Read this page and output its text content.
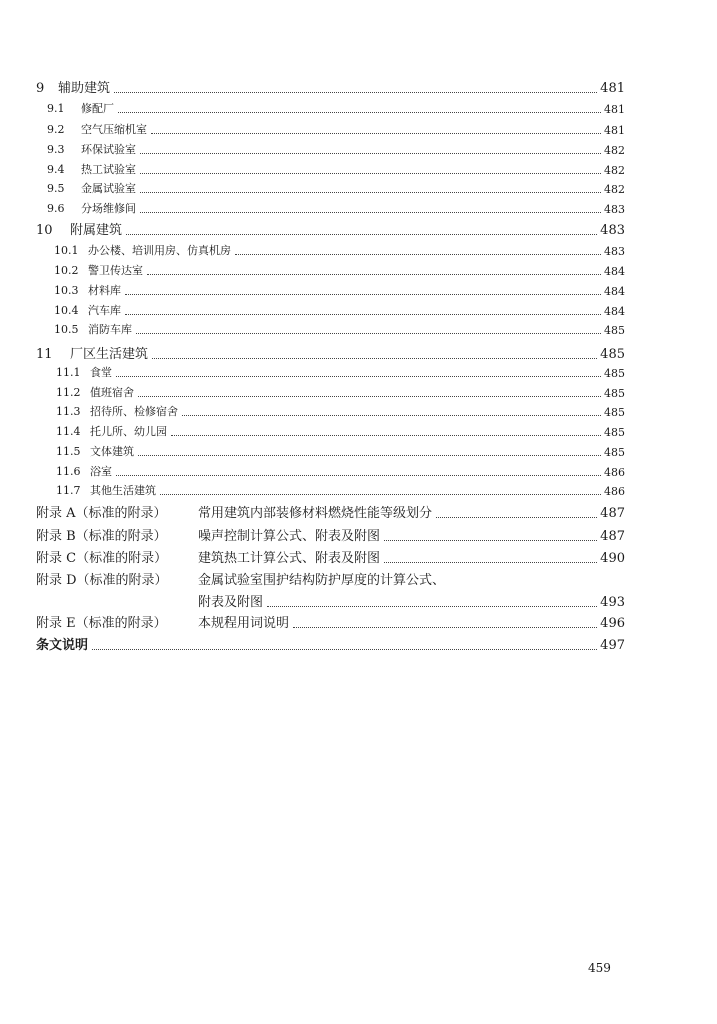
9 辅助建筑	481
9.1 修配厂	481
9.2 空气压缩机室	481
9.3 环保试验室	482
9.4 热工试验室	482
9.5 金属试验室	482
9.6 分场维修间	483
10 附属建筑	483
10.1 办公楼、培训用房、仿真机房	483
10.2 警卫传达室	484
10.3 材料库	484
10.4 汽车库	484
10.5 消防车库	485
11 厂区生活建筑	485
11.1 食堂	485
11.2 值班宿舍	485
11.3 招待所、检修宿舍	485
11.4 托儿所、幼儿园	485
11.5 文体建筑	485
11.6 浴室	486
11.7 其他生活建筑	486
附录 A（标准的附录） 常用建筑内部装修材料燃烧性能等级划分	487
附录 B（标准的附录） 噪声控制计算公式、附表及附图	487
附录 C（标准的附录） 建筑热工计算公式、附表及附图	490
附录 D（标准的附录） 金属试验室围护结构防护厚度的计算公式、
附表及附图	493
附录 E（标准的附录） 本规程用词说明	496
条文说明	497
459
